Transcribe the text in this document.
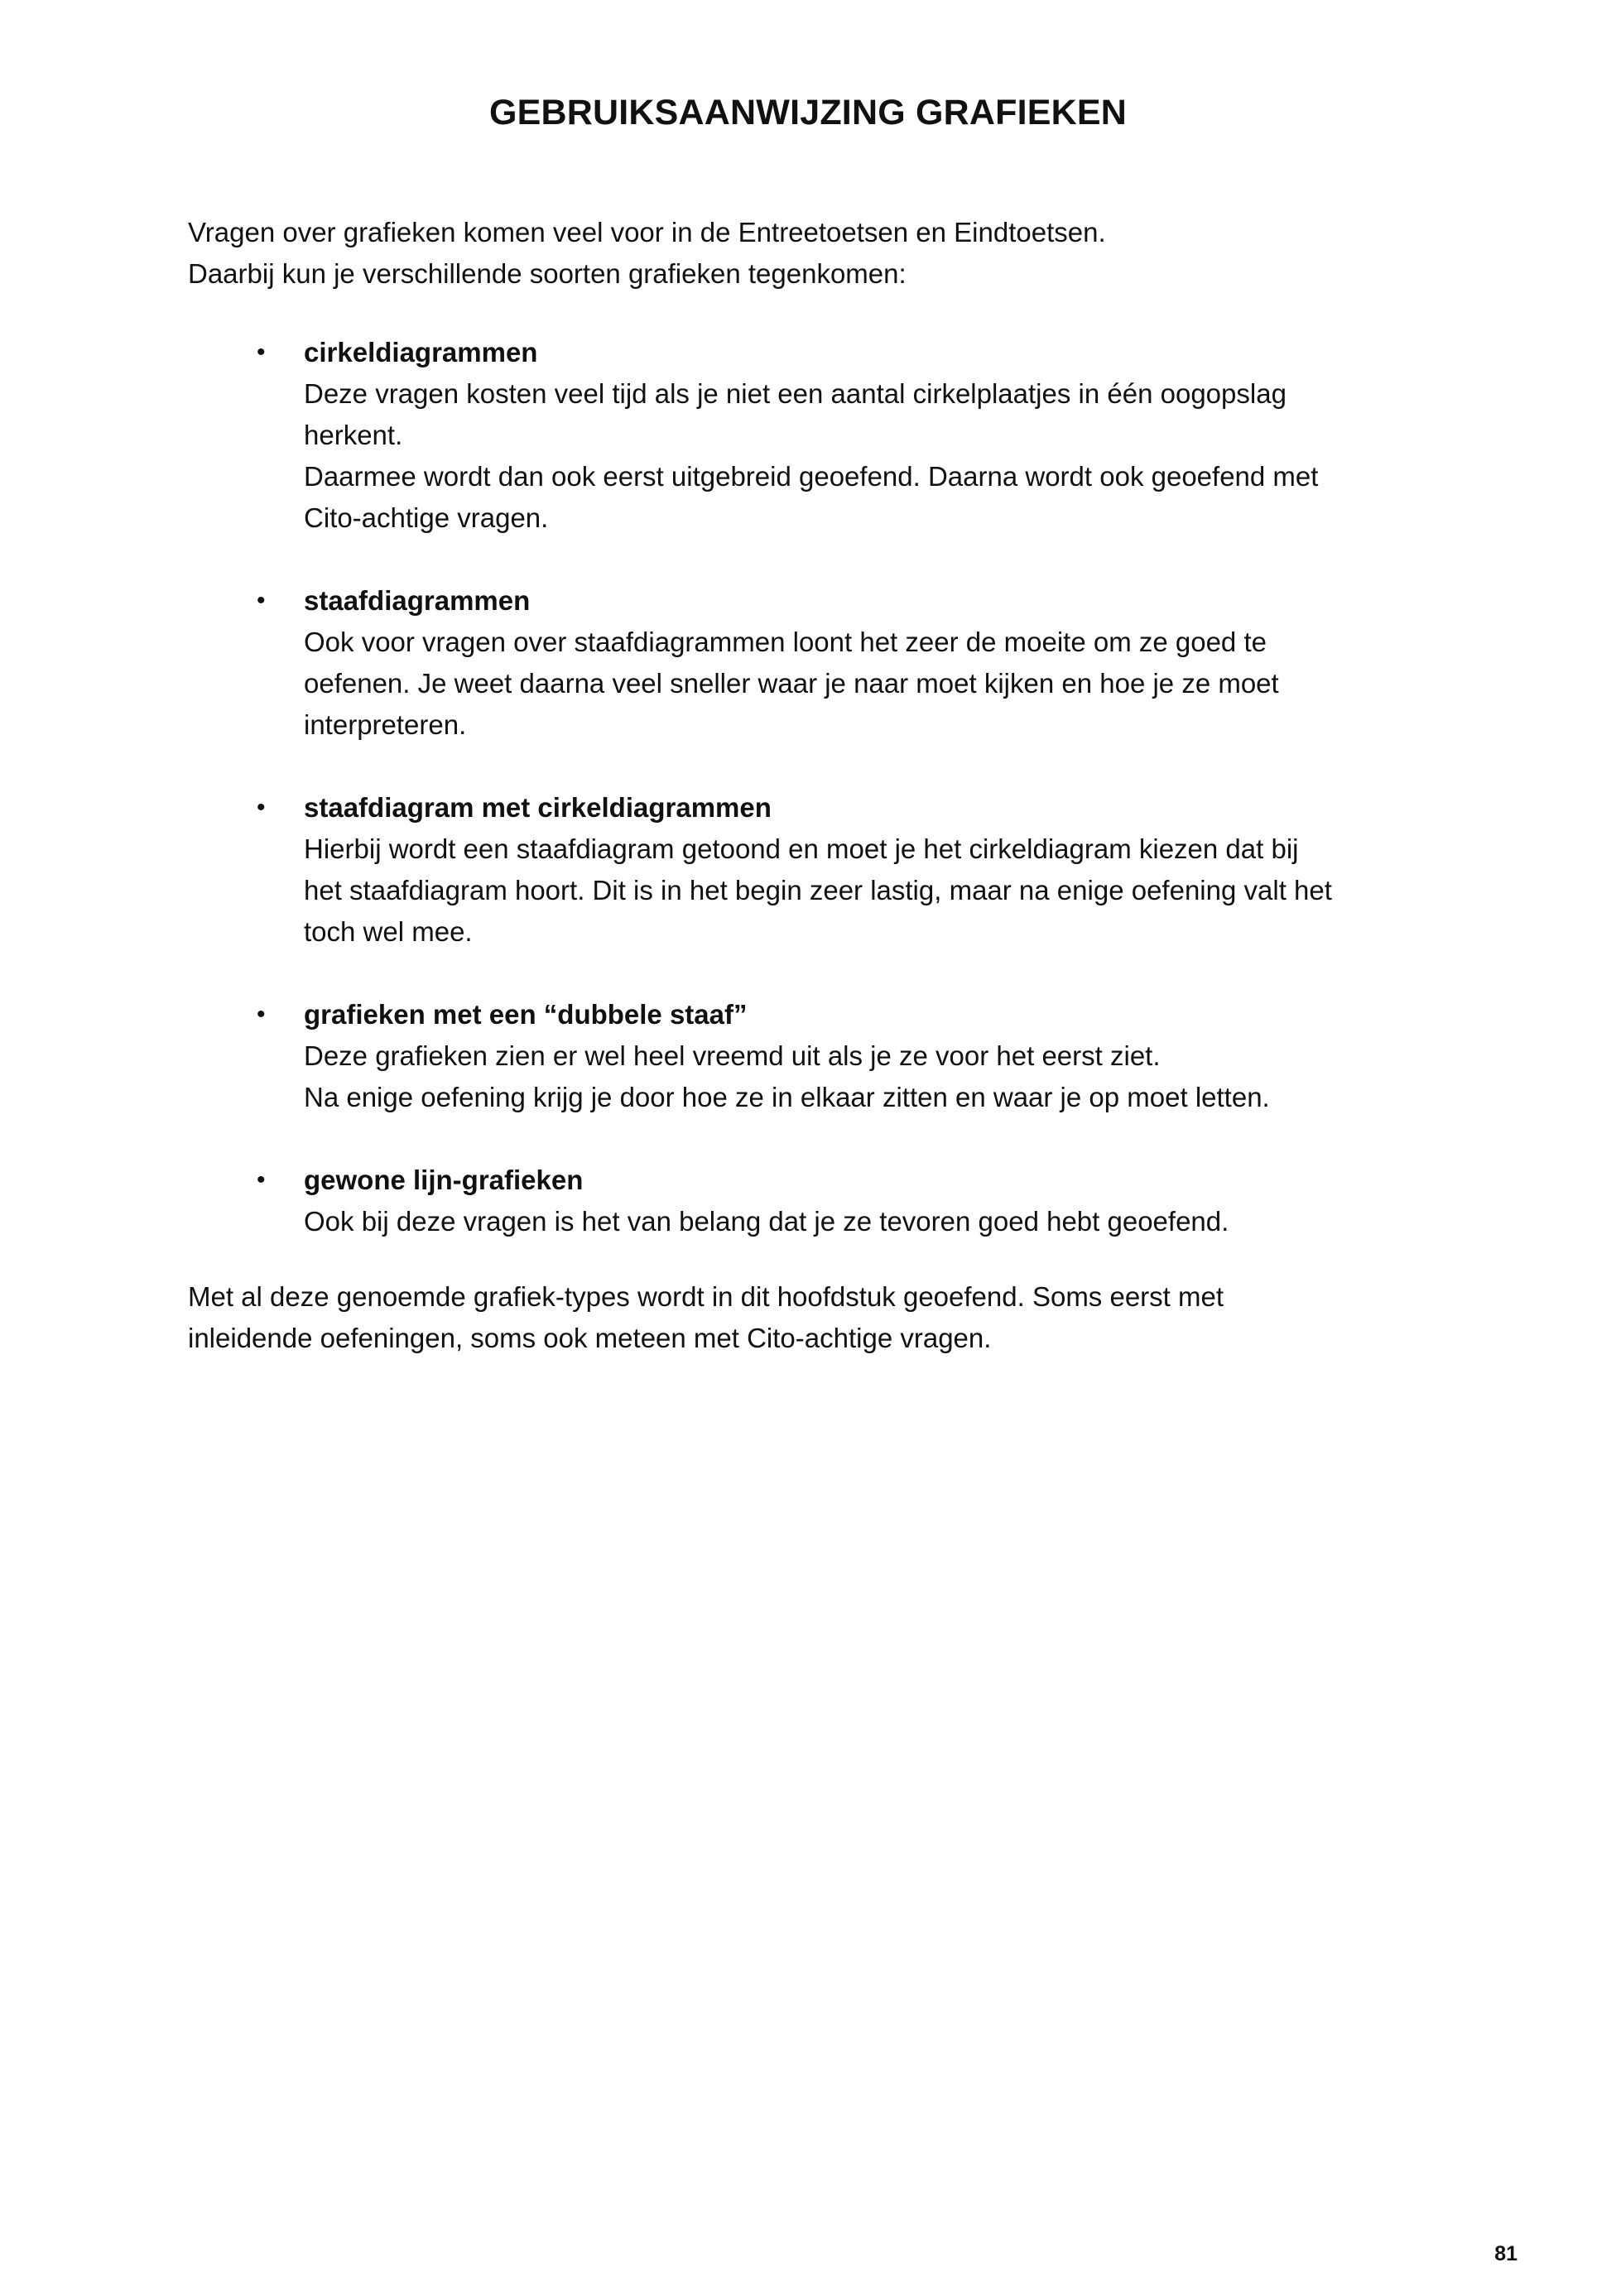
GEBRUIKSAANWIJZING GRAFIEKEN

Vragen over grafieken komen veel voor in de Entreetoetsen en Eindtoetsen.

Daarbij kun je verschillende soorten grafieken tegenkomen:

• cirkeldiagrammen
Deze vragen kosten veel tijd als je niet een aantal cirkelplaatjes in één oogopslag
herkent.
Daarmee wordt dan ook eerst uitgebreid geoefend. Daarna wordt ook geoefend met
Cito-achtige vragen.
• staafdiagrammen
Ook voor vragen over staafdiagrammen loont het zeer de moeite om ze goed te
oefenen. Je weet daarna veel sneller waar je naar moet kijken en hoe je ze moet
interpreteren.
• staafdiagram met cirkeldiagrammen
Hierbij wordt een staafdiagram getoond en moet je het cirkeldiagram kiezen dat bij
het staafdiagram hoort. Dit is in het begin zeer lastig, maar na enige oefening valt het
toch wel mee.
• grafieken met een “dubbele staaf”
Deze grafieken zien er wel heel vreemd uit als je ze voor het eerst ziet.
Na enige oefening krijg je door hoe ze in elkaar zitten en waar je op moet letten.
• gewone lijn-grafieken
Ook bij deze vragen is het van belang dat je ze tevoren goed hebt geoefend.
Met al deze genoemde grafiek-types wordt in dit hoofdstuk geoefend. Soms eerst met
inleidende oefeningen, soms ook meteen met Cito-achtige vragen.
81
